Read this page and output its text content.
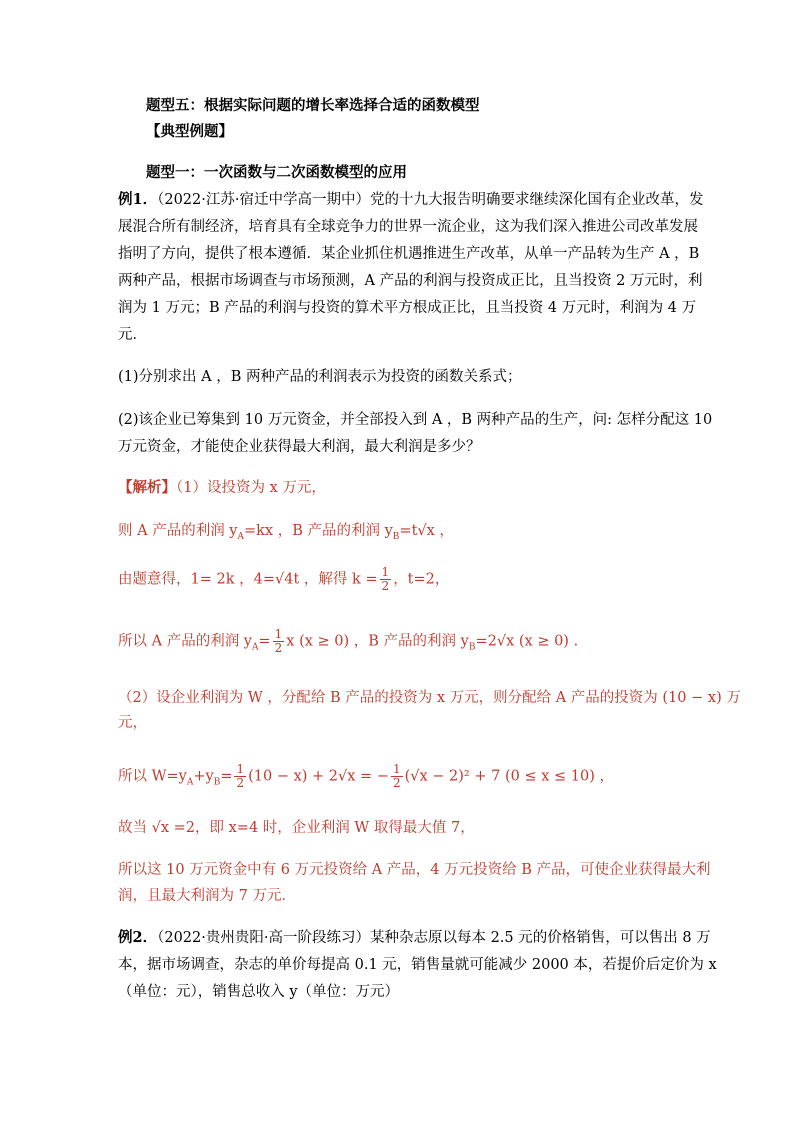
题型五：根据实际问题的增长率选择合适的函数模型
【典型例题】
题型一：一次函数与二次函数模型的应用
例1．（2022·江苏·宿迁中学高一期中）党的十九大报告明确要求继续深化国有企业改革，发
展混合所有制经济，培育具有全球竞争力的世界一流企业，这为我们深入推进公司改革发展
指明了方向，提供了根本遵循．某企业抓住机遇推进生产改革，从单一产品转为生产 A ，B
两种产品，根据市场调查与市场预测，A 产品的利润与投资成正比，且当投资 2 万元时，利
润为 1 万元；B 产品的利润与投资的算术平方根成正比，且当投资 4 万元时，利润为 4 万
元．
(1)分别求出 A ，B 两种产品的利润表示为投资的函数关系式；
(2)该企业已筹集到 10 万元资金，并全部投入到 A ，B 两种产品的生产，问: 怎样分配这 10
万元资金，才能使企业获得最大利润，最大利润是多少？
【解析】（1）设投资为 x 万元，
则 A 产品的利润 $y_A=kx$ ，B 产品的利润 $y_B=t√x$ ，
由题意得，1= 2k ，4=√4t ，解得 $k = \frac{1}{2}$ ，t=2，
所以 A 产品的利润 $y_A= \frac{1}{2}$ x (x ≥ 0) ，B 产品的利润 $y_B=2√x$ (x ≥ 0) ．
（2）设企业利润为 W ，分配给 B 产品的投资为 x 万元，则分配给 A 产品的投资为 (10 − x) 万
元，
所以 $W=y_A+y_B= \frac{1}{2} (10 - x) + 2√x$ = − $\frac{1}{2} (√x - 2)^2 + 7$ (0 ≤ x ≤ 10) ，
故当 √x =2，即 x=4 时，企业利润 W 取得最大值 7，
所以这 10 万元资金中有 6 万元投资给 A 产品，4 万元投资给 B 产品，可使企业获得最大利
润，且最大利润为 7 万元．
例2．（2022·贵州贵阳·高一阶段练习）某种杂志原以每本 2.5 元的价格销售，可以售出 8 万
本，据市场调查，杂志的单价每提高 0.1 元，销售量就可能减少 2000 本，若提价后定价为 x
（单位：元），销售总收入 y（单位：万元）
